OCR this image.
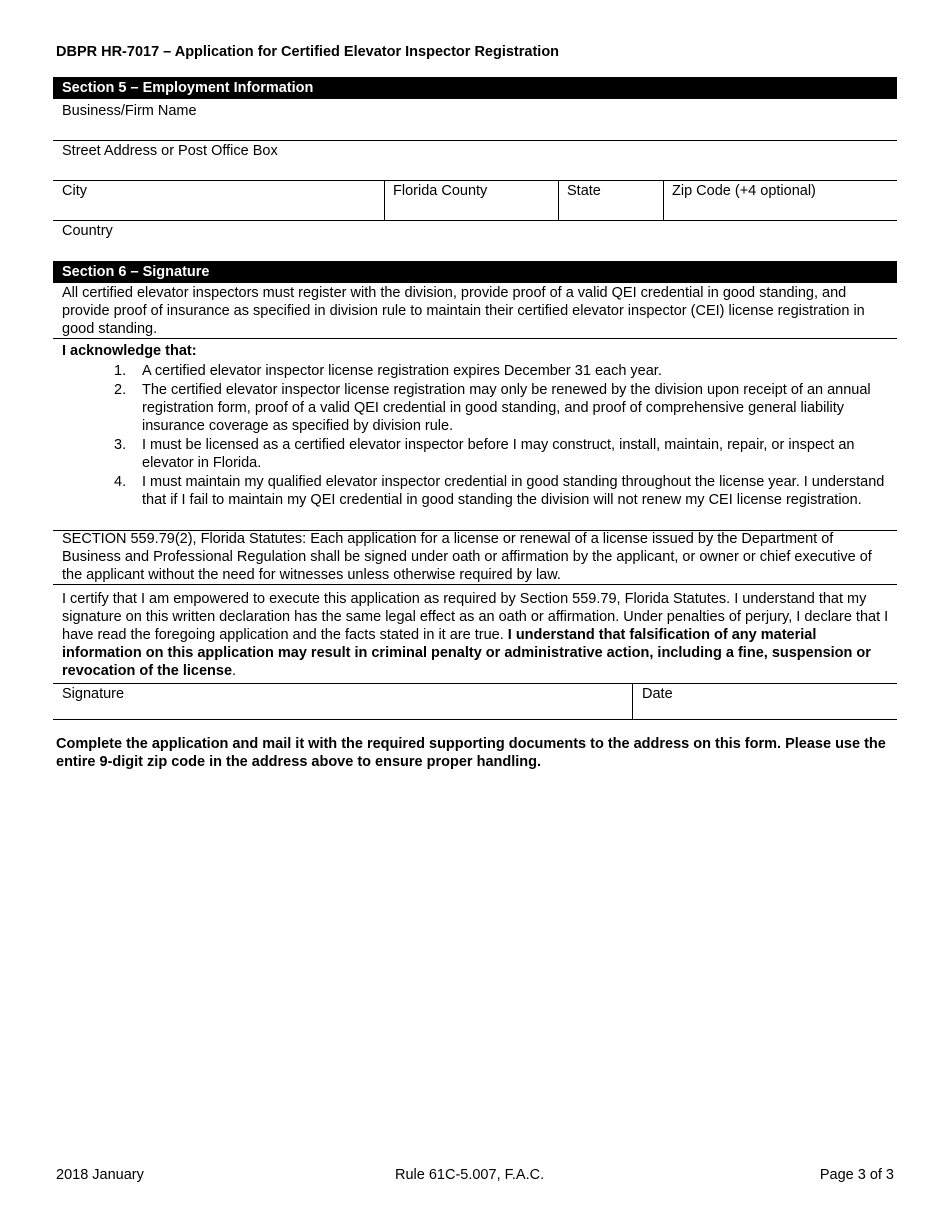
DBPR HR-7017 – Application for Certified Elevator Inspector Registration
Section 5 – Employment Information
Business/Firm Name
Street Address or Post Office Box
City	Florida County	State	Zip Code (+4 optional)
Country
Section 6 – Signature
All certified elevator inspectors must register with the division, provide proof of a valid QEI credential in good standing, and provide proof of insurance as specified in division rule to maintain their certified elevator inspector (CEI) license registration in good standing.
I acknowledge that:
1. A certified elevator inspector license registration expires December 31 each year.
2. The certified elevator inspector license registration may only be renewed by the division upon receipt of an annual registration form, proof of a valid QEI credential in good standing, and proof of comprehensive general liability insurance coverage as specified by division rule.
3. I must be licensed as a certified elevator inspector before I may construct, install, maintain, repair, or inspect an elevator in Florida.
4. I must maintain my qualified elevator inspector credential in good standing throughout the license year. I understand that if I fail to maintain my QEI credential in good standing the division will not renew my CEI license registration.
SECTION 559.79(2), Florida Statutes: Each application for a license or renewal of a license issued by the Department of Business and Professional Regulation shall be signed under oath or affirmation by the applicant, or owner or chief executive of the applicant without the need for witnesses unless otherwise required by law.
I certify that I am empowered to execute this application as required by Section 559.79, Florida Statutes. I understand that my signature on this written declaration has the same legal effect as an oath or affirmation. Under penalties of perjury, I declare that I have read the foregoing application and the facts stated in it are true. I understand that falsification of any material information on this application may result in criminal penalty or administrative action, including a fine, suspension or revocation of the license.
Signature	Date
Complete the application and mail it with the required supporting documents to the address on this form. Please use the entire 9-digit zip code in the address above to ensure proper handling.
2018 January	Rule 61C-5.007, F.A.C.	Page 3 of 3
